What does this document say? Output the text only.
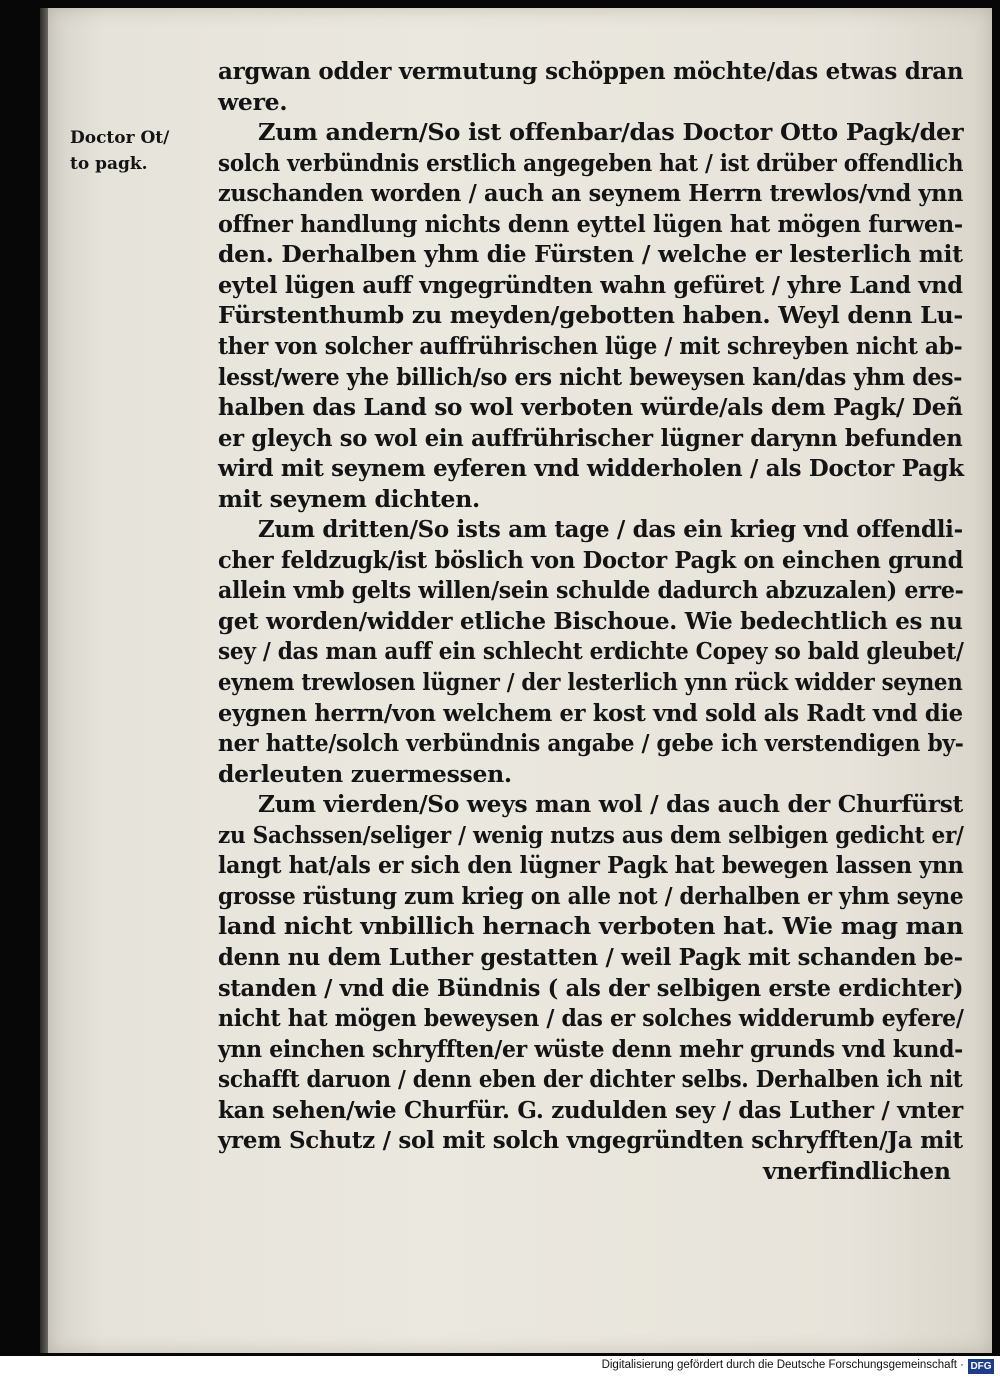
Doctor Ot/
to pagk.
argwan odder vermutung schöppen möchte/das etwas dran
were.
Zum andern/So ist offenbar/das Doctor Otto Pagk/der
solch verbündnis erstlich angegeben hat / ist drüber offendlich
zuschanden worden / auch an seynem Herrn trewlos/vnd ynn
offner handlung nichts denn eyttel lügen hat mögen furwen-
den. Derhalben yhm die Fürsten / welche er lesterlich mit
eytel lügen auff vngegründten wahn gefüret / yhre Land vnd
Fürstenthumb zu meyden/gebotten haben. Weyl denn Lu-
ther von solcher auffrührischen lüge / mit schreyben nicht ab-
lesst/were yhe billich/so ers nicht beweysen kan/das yhm des-
halben das Land so wol verboten würde/als dem Pagk/ Deñ
er gleych so wol ein auffrührischer lügner darynn befunden
wird mit seynem eyferen vnd widderholen / als Doctor Pagk
mit seynem dichten.
Zum dritten/So ists am tage / das ein krieg vnd offendli-
cher feldzugk/ist böslich von Doctor Pagk on einchen grund
allein vmb gelts willen/sein schulde dadurch abzuzalen) erre-
get worden/widder etliche Bischoue. Wie bedechtlich es nu
sey / das man auff ein schlecht erdichte Copey so bald gleubet/
eynem trewlosen lügner / der lesterlich ynn rück widder seynen
eygnen herrn/von welchem er kost vnd sold als Radt vnd die
ner hatte/solch verbündnis angabe / gebe ich verstendigen by-
derleuten zuermessen.
Zum vierden/So weys man wol / das auch der Churfürst
zu Sachssen/seliger / wenig nutzs aus dem selbigen gedicht er/
langt hat/als er sich den lügner Pagk hat bewegen lassen ynn
grosse rüstung zum krieg on alle not / derhalben er yhm seyne
land nicht vnbillich hernach verboten hat. Wie mag man
denn nu dem Luther gestatten / weil Pagk mit schanden be-
standen / vnd die Bündnis ( als der selbigen erste erdichter)
nicht hat mögen beweysen / das er solches widderumb eyfere/
ynn einchen schryfften/er wüste denn mehr grunds vnd kund-
schafft daruon / denn eben der dichter selbs. Derhalben ich nit
kan sehen/wie Churfür. G. zudulden sey / das Luther / vnter
yrem Schutz / sol mit solch vngegründten schryfften/Ja mit
vnerfindlichen
Digitalisierung gefördert durch die Deutsche Forschungsgemeinschaft · DFG
